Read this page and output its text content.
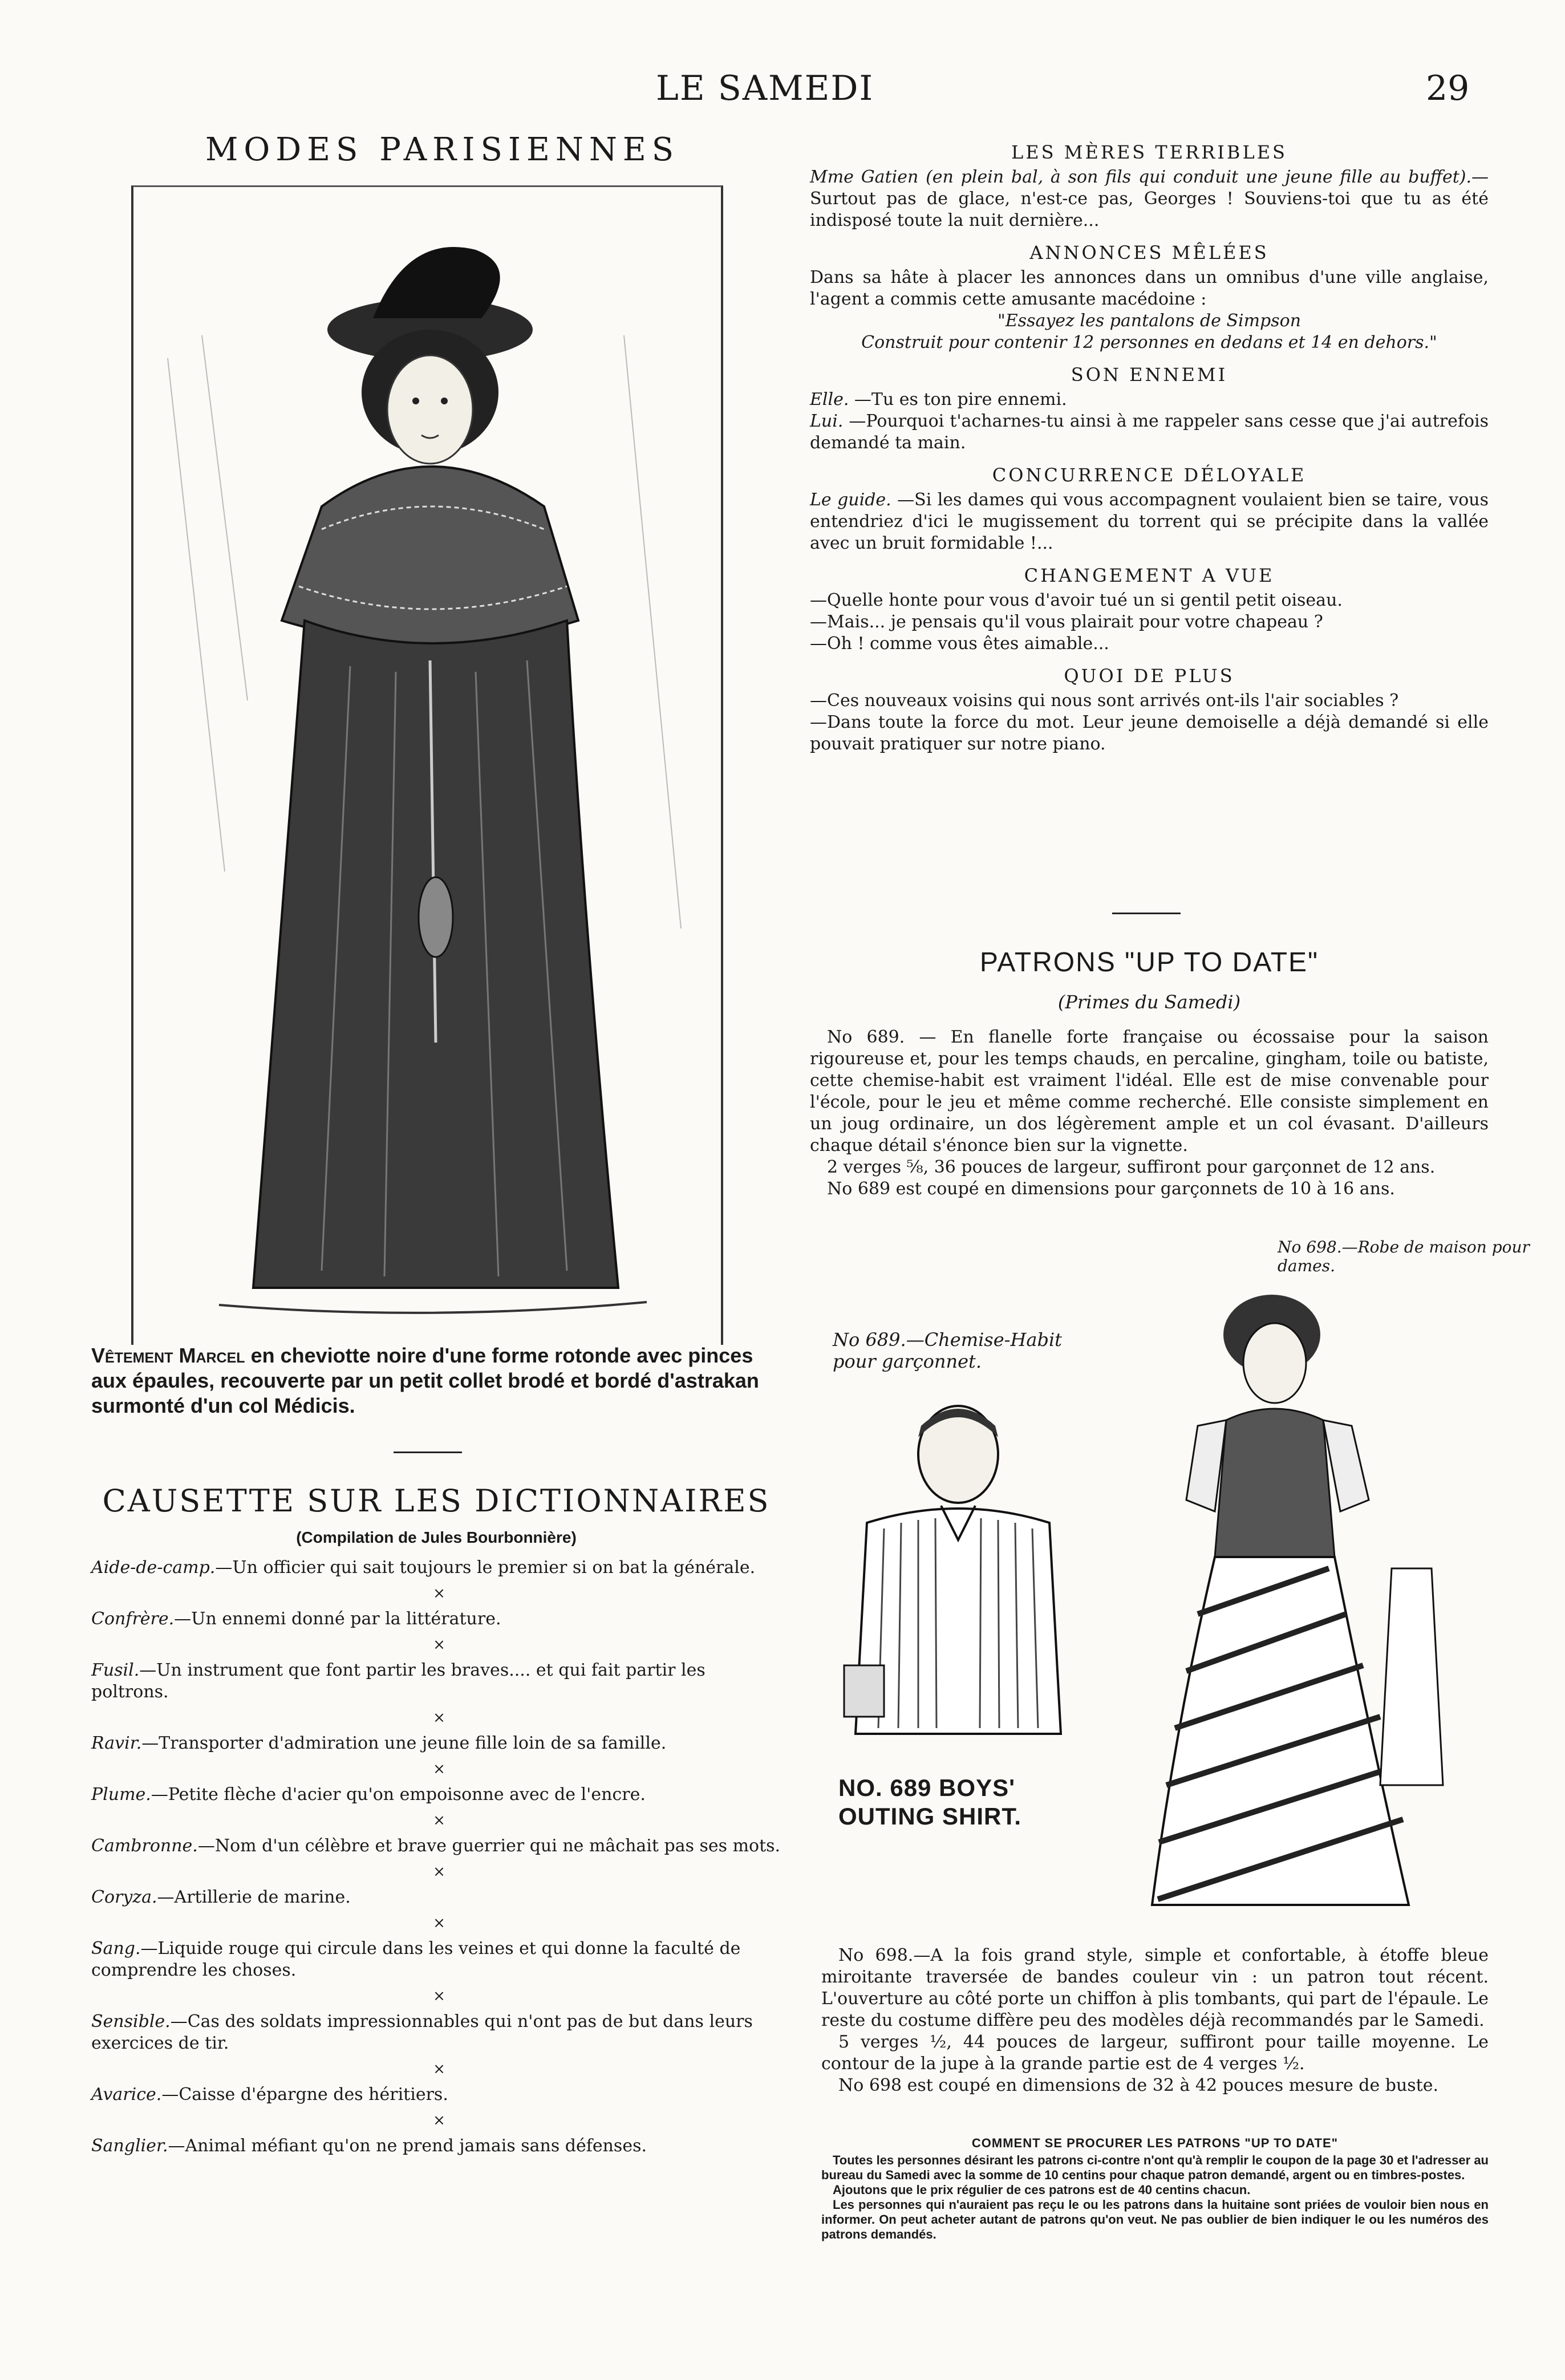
LE SAMEDI	29
MODES PARISIENNES
Vêtement Marcel en cheviotte noire d'une forme rotonde avec pinces aux épaules, recouverte par un petit collet brodé et bordé d'astrakan surmonté d'un col Médicis.
CAUSETTE SUR LES DICTIONNAIRES
(Compilation de Jules Bourbonnière)

Aide-de-camp.—Un officier qui sait toujours le premier si on bat la générale.

×

Confrère.—Un ennemi donné par la littérature.

×

Fusil.—Un instrument que font partir les braves.... et qui fait partir les poltrons.

×

Ravir.—Transporter d'admiration une jeune fille loin de sa famille.

×

Plume.—Petite flèche d'acier qu'on empoisonne avec de l'encre.

×

Cambronne.—Nom d'un célèbre et brave guerrier qui ne mâchait pas ses mots.

×

Coryza.—Artillerie de marine.

×

Sang.—Liquide rouge qui circule dans les veines et qui donne la faculté de comprendre les choses.

×

Sensible.—Cas des soldats impressionnables qui n'ont pas de but dans leurs exercices de tir.

×

Avarice.—Caisse d'épargne des héritiers.

×

Sanglier.—Animal méfiant qu'on ne prend jamais sans défenses.

LES MÈRES TERRIBLES

Mme Gatien (en plein bal, à son fils qui conduit une jeune fille au buffet).—Surtout pas de glace, n'est-ce pas, Georges ! Souviens-toi que tu as été indisposé toute la nuit dernière...

ANNONCES MÊLÉES

Dans sa hâte à placer les annonces dans un omnibus d'une ville anglaise, l'agent a commis cette amusante macédoine :

"Essayez les pantalons de Simpson

Construit pour contenir 12 personnes en dedans et 14 en dehors."

SON ENNEMI

Elle. —Tu es ton pire ennemi.

Lui. —Pourquoi t'acharnes-tu ainsi à me rappeler sans cesse que j'ai autrefois demandé ta main.

CONCURRENCE DÉLOYALE

Le guide. —Si les dames qui vous accompagnent voulaient bien se taire, vous entendriez d'ici le mugissement du torrent qui se précipite dans la vallée avec un bruit formidable !...

CHANGEMENT A VUE

—Quelle honte pour vous d'avoir tué un si gentil petit oiseau.

—Mais... je pensais qu'il vous plairait pour votre chapeau ?

—Oh ! comme vous êtes aimable...

QUOI DE PLUS

—Ces nouveaux voisins qui nous sont arrivés ont-ils l'air sociables ?

—Dans toute la force du mot. Leur jeune demoiselle a déjà demandé si elle pouvait pratiquer sur notre piano.

PATRONS "UP TO DATE"
(Primes du Samedi)

No 689. — En flanelle forte française ou écossaise pour la saison rigoureuse et, pour les temps chauds, en percaline, gingham, toile ou batiste, cette chemise-habit est vraiment l'idéal. Elle est de mise convenable pour l'école, pour le jeu et même comme recherché. Elle consiste simplement en un joug ordinaire, un dos légèrement ample et un col évasant. D'ailleurs chaque détail s'énonce bien sur la vignette.

2 verges ⅝, 36 pouces de largeur, suffiront pour garçonnet de 12 ans.

No 689 est coupé en dimensions pour garçonnets de 10 à 16 ans.

No 698.—Robe de maison pour dames.
No 689.—Chemise-Habit pour garçonnet.
NO. 689 BOYS' OUTING SHIRT.

No 698.—A la fois grand style, simple et confortable, à étoffe bleue miroitante traversée de bandes couleur vin : un patron tout récent. L'ouverture au côté porte un chiffon à plis tombants, qui part de l'épaule. Le reste du costume diffère peu des modèles déjà recommandés par le Samedi.

5 verges ½, 44 pouces de largeur, suffiront pour taille moyenne. Le contour de la jupe à la grande partie est de 4 verges ½.

No 698 est coupé en dimensions de 32 à 42 pouces mesure de buste.

COMMENT SE PROCURER LES PATRONS "UP TO DATE"

Toutes les personnes désirant les patrons ci-contre n'ont qu'à remplir le coupon de la page 30 et l'adresser au bureau du Samedi avec la somme de 10 centins pour chaque patron demandé, argent ou en timbres-postes.

Ajoutons que le prix régulier de ces patrons est de 40 centins chacun.

Les personnes qui n'auraient pas reçu le ou les patrons dans la huitaine sont priées de vouloir bien nous en informer. On peut acheter autant de patrons qu'on veut. Ne pas oublier de bien indiquer le ou les numéros des patrons demandés.
